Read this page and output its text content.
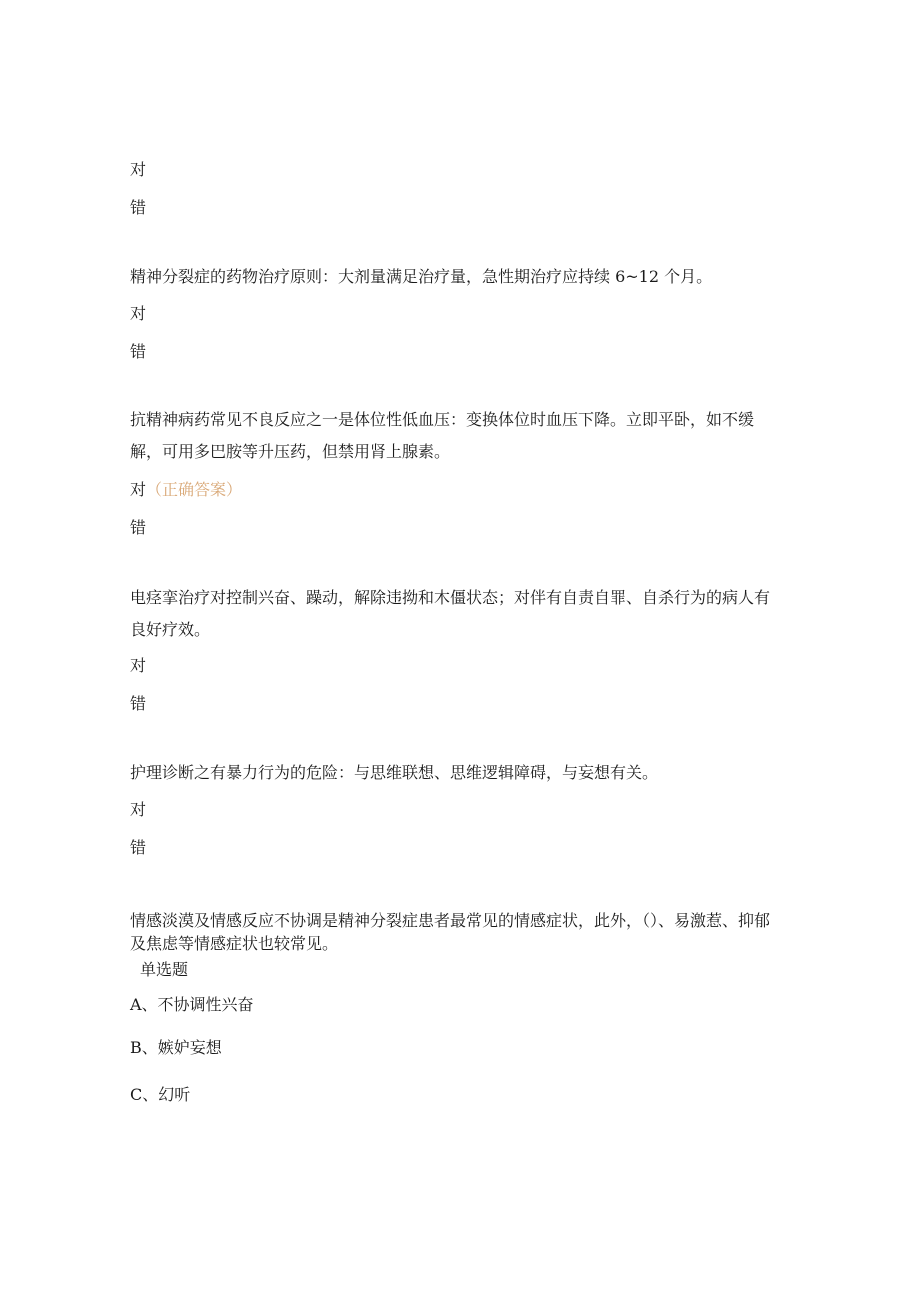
对
错
精神分裂症的药物治疗原则：大剂量满足治疗量，急性期治疗应持续 6~12 个月。
对
错
抗精神病药常见不良反应之一是体位性低血压：变换体位时血压下降。立即平卧，如不缓解，可用多巴胺等升压药，但禁用肾上腺素。
对（正确答案）
错
电痉挛治疗对控制兴奋、躁动，解除违拗和木僵状态；对伴有自责自罪、自杀行为的病人有良好疗效。
对
错
护理诊断之有暴力行为的危险：与思维联想、思维逻辑障碍，与妄想有关。
对
错
情感淡漠及情感反应不协调是精神分裂症患者最常见的情感症状，此外，（）、易激惹、抑郁及焦虑等情感症状也较常见。
单选题
A、不协调性兴奋
B、嫉妒妄想
C、幻听
